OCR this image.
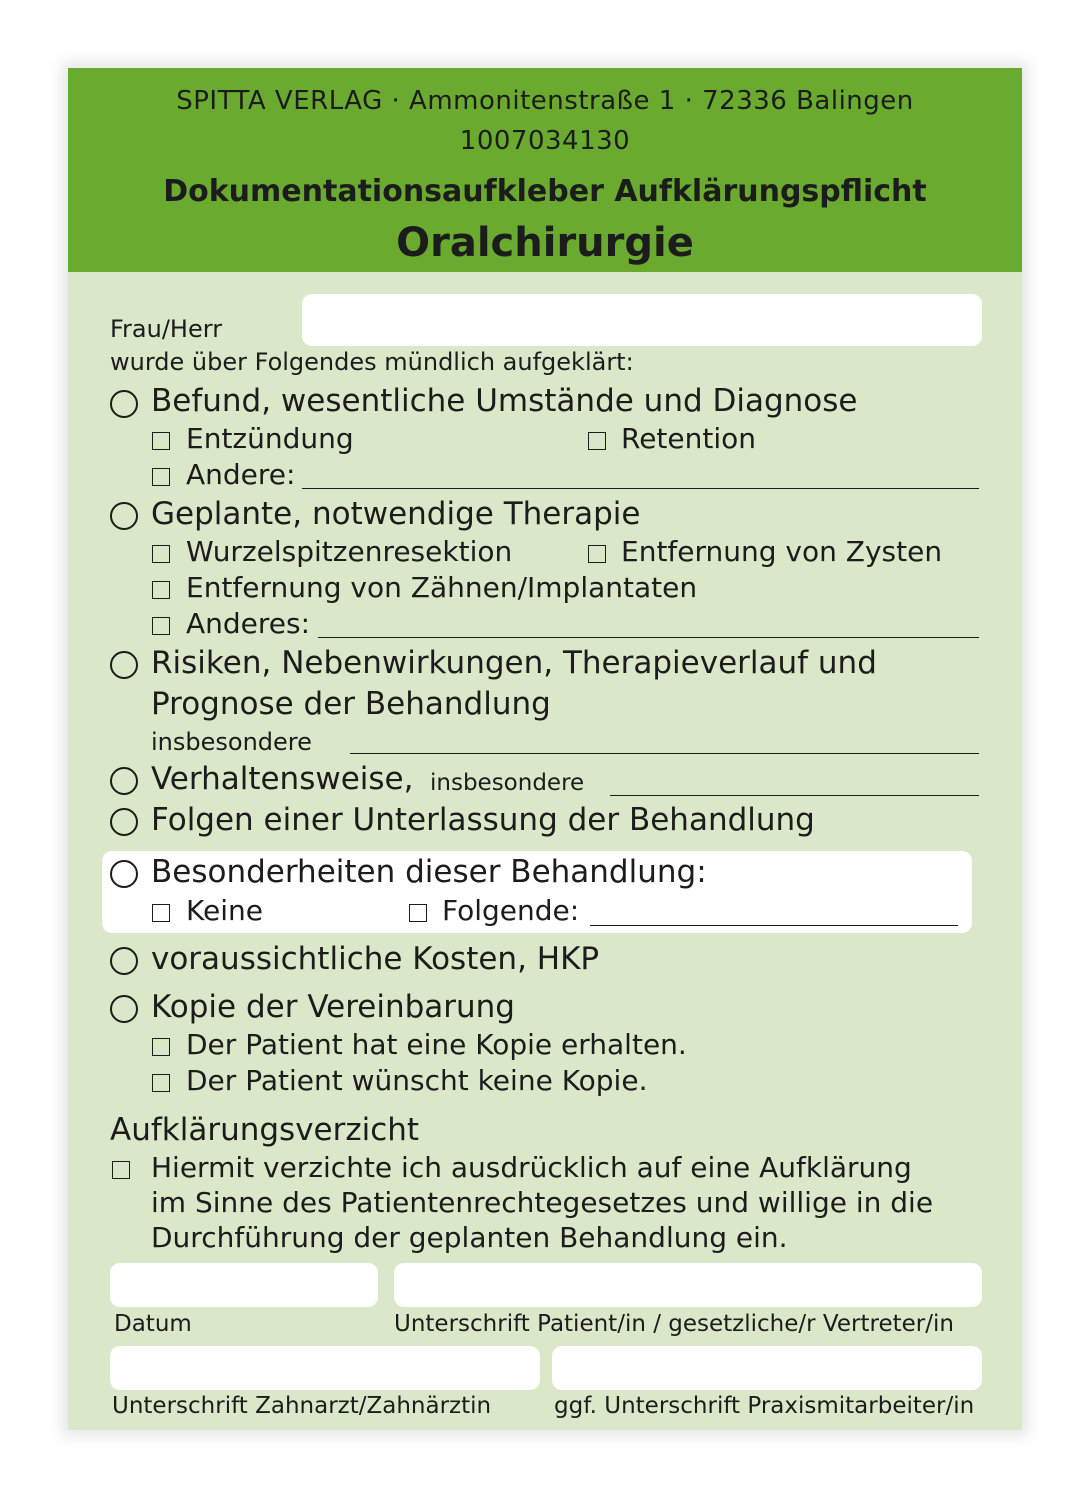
SPITTA VERLAG · Ammonitenstraße 1 · 72336 Balingen
1007034130
Dokumentationsaufkleber Aufklärungspflicht
Oralchirurgie
Frau/Herr
wurde über Folgendes mündlich aufgeklärt:
Befund, wesentliche Umstände und Diagnose
Entzündung	Retention
Andere:
Geplante, notwendige Therapie
Wurzelspitzenresektion	Entfernung von Zysten
Entfernung von Zähnen/Implantaten
Anderes:
Risiken, Nebenwirkungen, Therapieverlauf und
Prognose der Behandlung
insbesondere
Verhaltensweise, insbesondere
Folgen einer Unterlassung der Behandlung
Besonderheiten dieser Behandlung:
Keine	Folgende:
voraussichtliche Kosten, HKP
Kopie der Vereinbarung
Der Patient hat eine Kopie erhalten.
Der Patient wünscht keine Kopie.
Aufklärungsverzicht
Hiermit verzichte ich ausdrücklich auf eine Aufklärung
im Sinne des Patientenrechtegesetzes und willige in die
Durchführung der geplanten Behandlung ein.
Datum	Unterschrift Patient/in / gesetzliche/r Vertreter/in
Unterschrift Zahnarzt/Zahnärztin	ggf. Unterschrift Praxismitarbeiter/in
